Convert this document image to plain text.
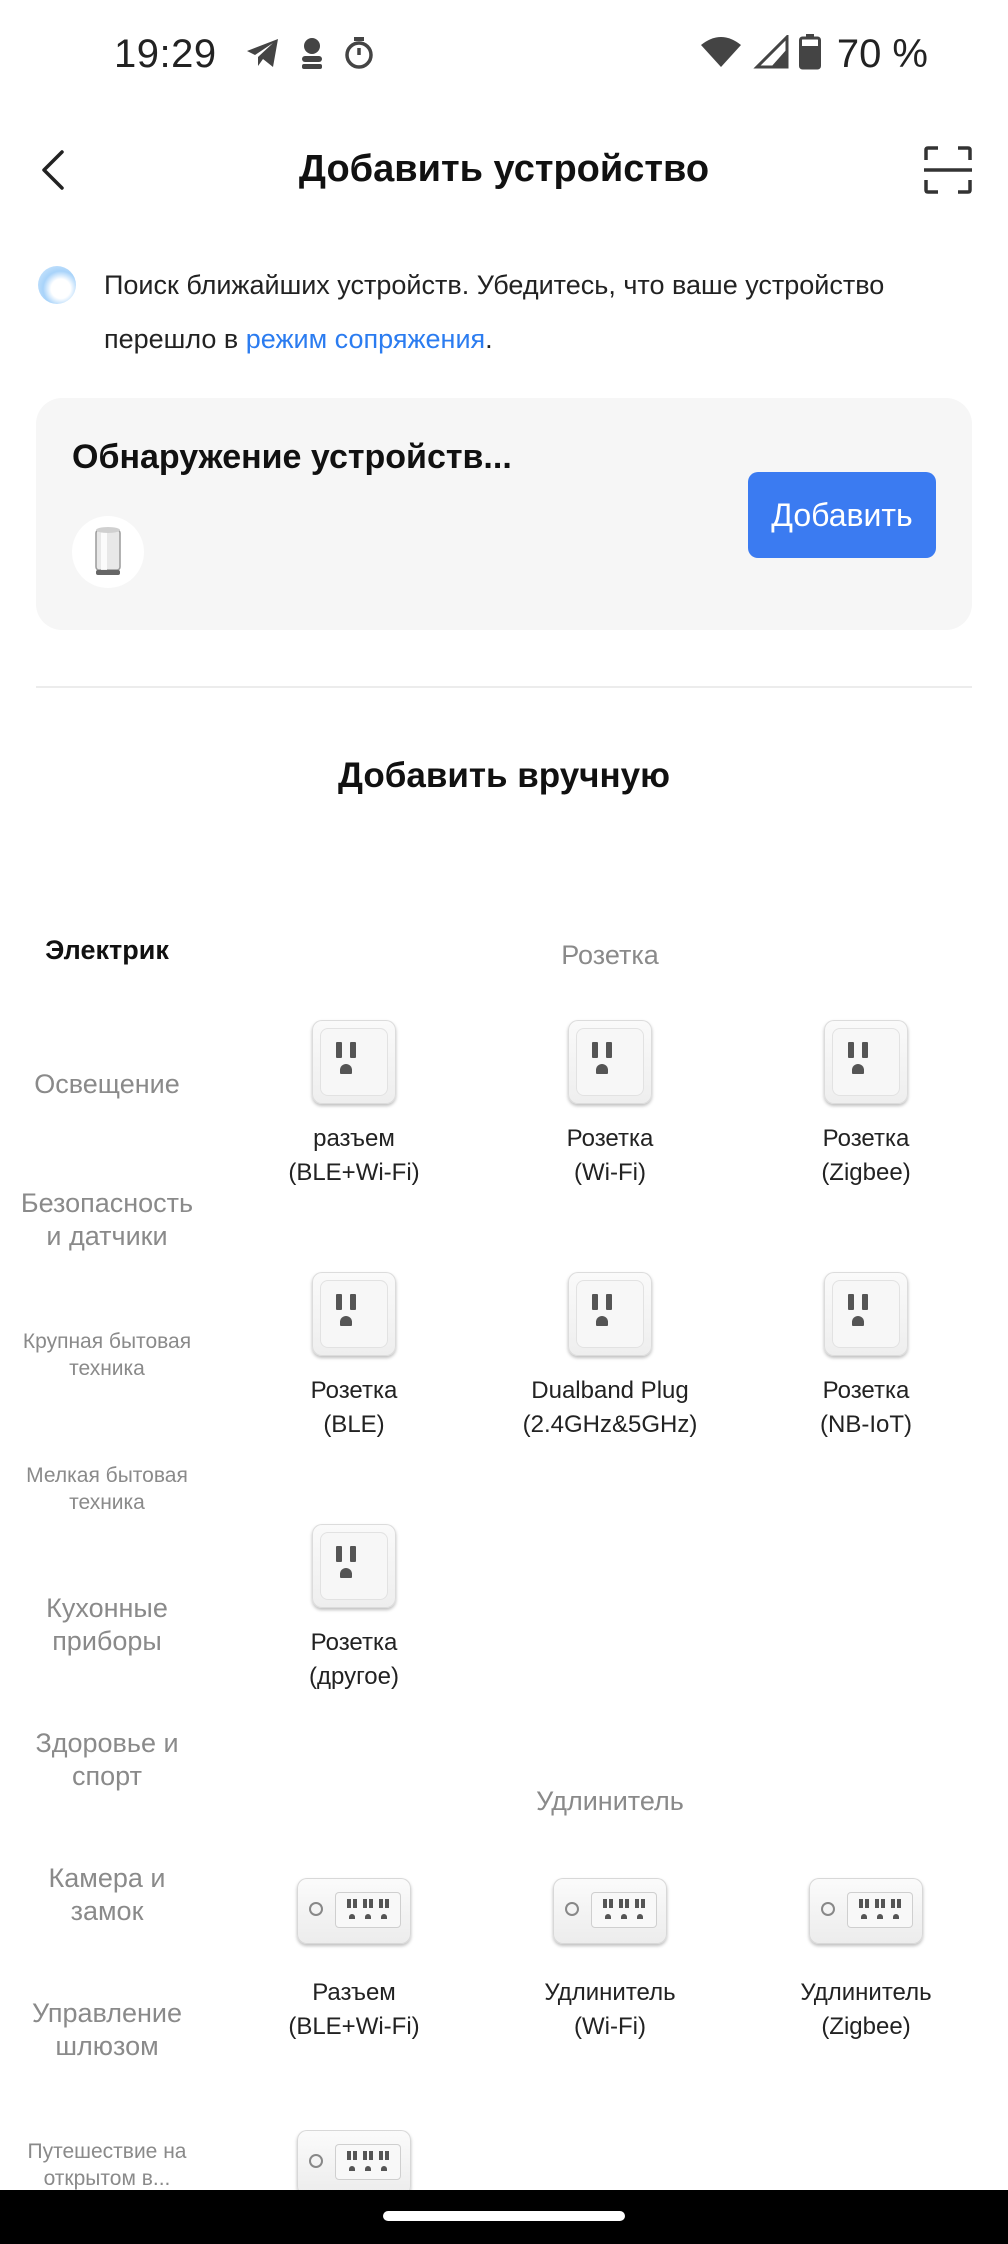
19:29	70 %
Добавить устройство
Поиск ближайших устройств. Убедитесь, что ваше устройство перешло в режим сопряжения.
Обнаружение устройств...
Добавить
Добавить вручную
Электрик
Освещение
Безопасность и датчики
Крупная бытовая техника
Мелкая бытовая техника
Кухонные приборы
Здоровье и спорт
Камера и замок
Управление шлюзом
Путешествие на открытом в...
Розетка
разъем
(BLE+Wi-Fi)
Розетка
(Wi-Fi)
Розетка
(Zigbee)
Розетка
(BLE)
Dualband Plug
(2.4GHz&5GHz)
Розетка
(NB-IoT)
Розетка
(другое)
Удлинитель
Разъем
(BLE+Wi-Fi)
Удлинитель
(Wi-Fi)
Удлинитель
(Zigbee)
